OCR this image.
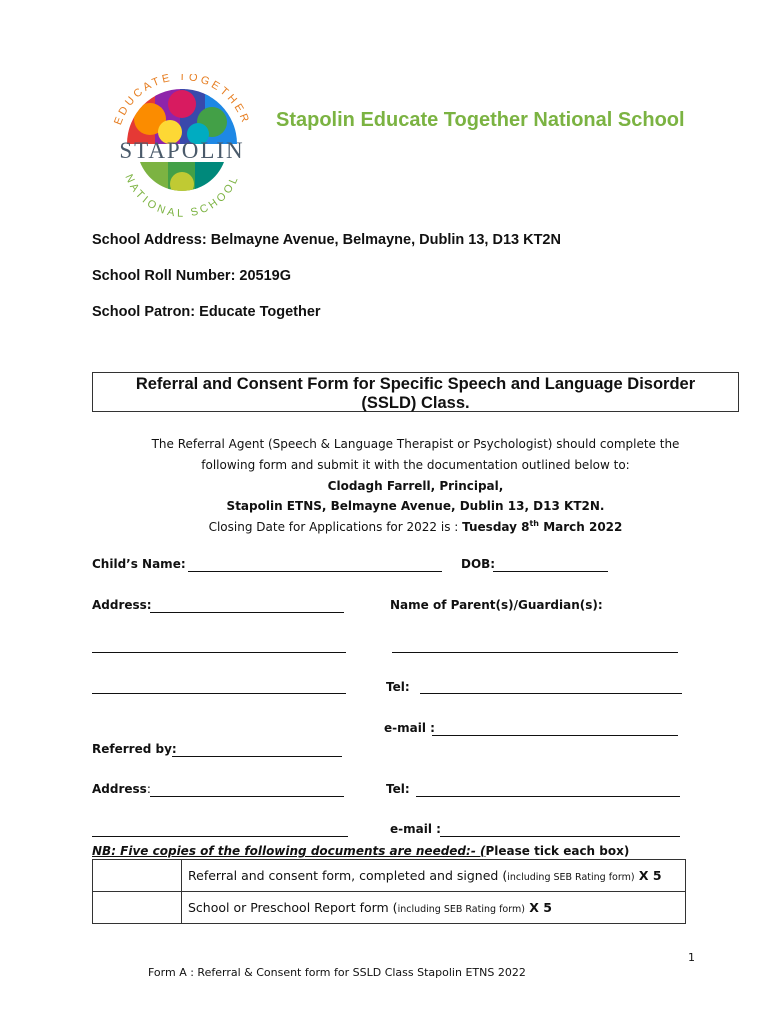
EDUCATE TOGETHER
STAPOLIN
NATIONAL SCHOOL
Stapolin Educate Together National School
School Address: Belmayne Avenue, Belmayne, Dublin 13, D13 KT2N
School Roll Number: 20519G
School Patron: Educate Together
Referral and Consent Form for Specific Speech and Language Disorder
(SSLD) Class.
The Referral Agent (Speech & Language Therapist or Psychologist) should complete the
following form and submit it with the documentation outlined below to:
Clodagh Farrell, Principal,
Stapolin ETNS, Belmayne Avenue, Dublin 13, D13 KT2N.
Closing Date for Applications for 2022 is : Tuesday 8th March 2022
Child’s Name:	DOB:
Address:	Name of Parent(s)/Guardian(s):
Tel:
e-mail :
Referred by:
Address:	Tel:
e-mail :
NB: Five copies of the following documents are needed:- (Please tick each box)
	Referral and consent form, completed and signed (including SEB Rating form) X 5
	School or Preschool Report form (including SEB Rating form) X 5
1
Form A : Referral & Consent form for SSLD Class Stapolin ETNS 2022
